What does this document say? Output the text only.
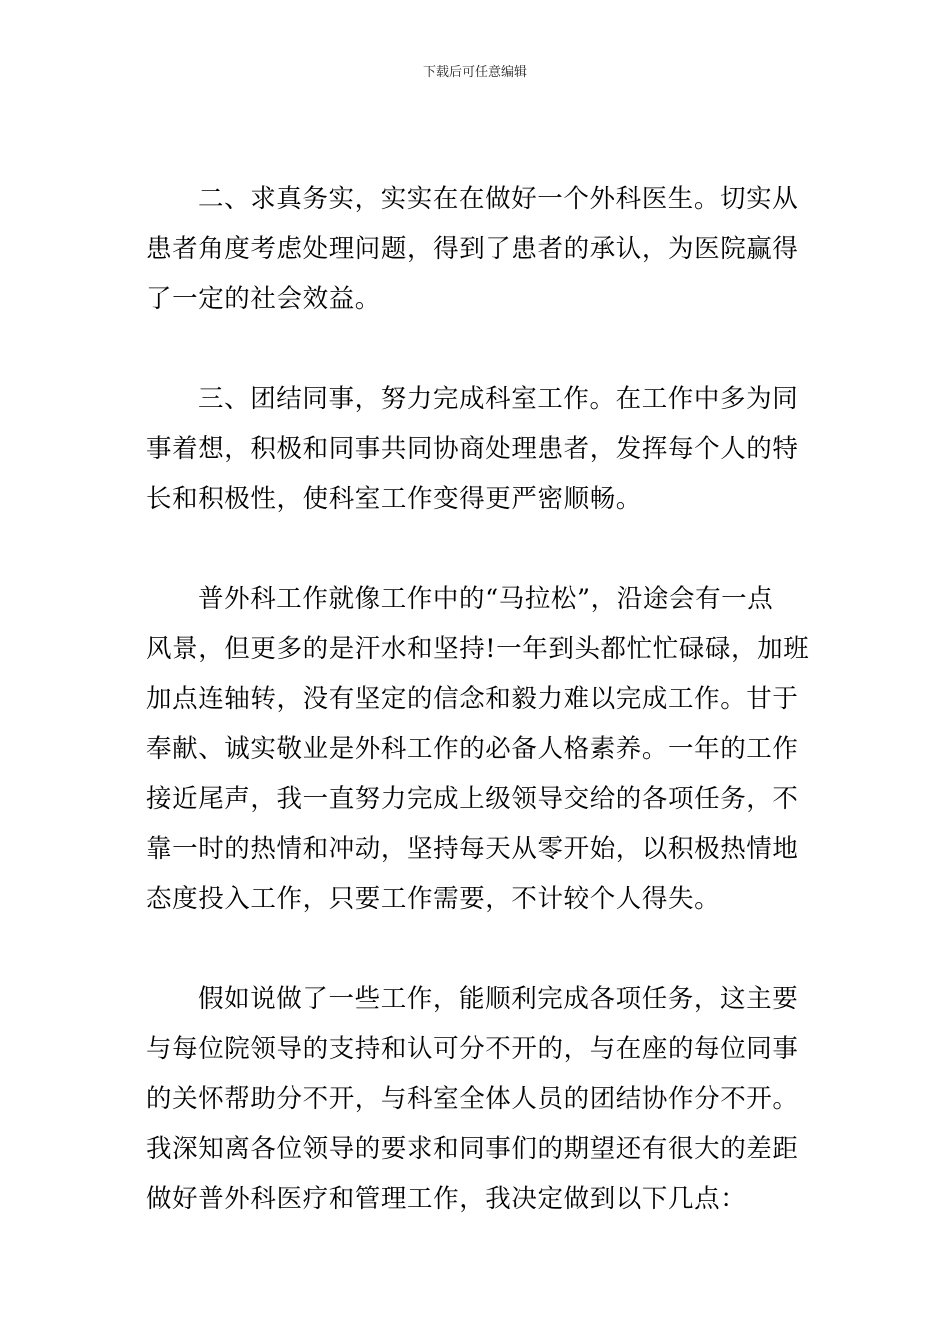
下载后可任意编辑

二、求真务实，实实在在做好一个外科医生。切实从
患者角度考虑处理问题，得到了患者的承认，为医院赢得
了一定的社会效益。

三、团结同事，努力完成科室工作。在工作中多为同
事着想，积极和同事共同协商处理患者，发挥每个人的特
长和积极性，使科室工作变得更严密顺畅。

普外科工作就像工作中的“马拉松”，沿途会有一点
风景，但更多的是汗水和坚持!一年到头都忙忙碌碌，加班
加点连轴转，没有坚定的信念和毅力难以完成工作。甘于
奉献、诚实敬业是外科工作的必备人格素养。一年的工作
接近尾声，我一直努力完成上级领导交给的各项任务，不
靠一时的热情和冲动，坚持每天从零开始，以积极热情地
态度投入工作，只要工作需要，不计较个人得失。

假如说做了一些工作，能顺利完成各项任务，这主要
与每位院领导的支持和认可分不开的，与在座的每位同事
的关怀帮助分不开，与科室全体人员的团结协作分不开。
我深知离各位领导的要求和同事们的期望还有很大的差距
做好普外科医疗和管理工作，我决定做到以下几点：
